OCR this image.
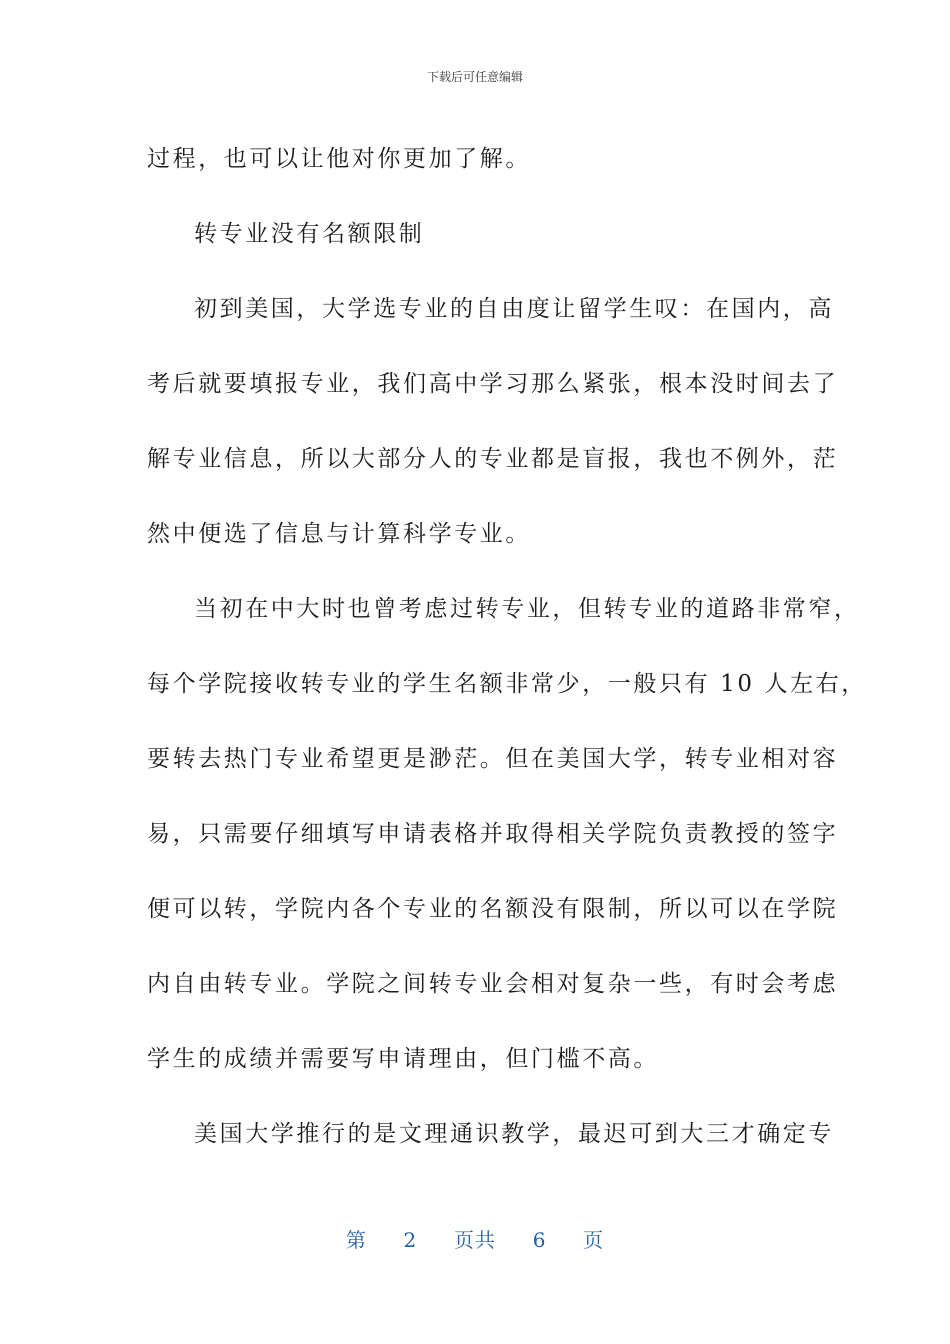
下载后可任意编辑
过程，也可以让他对你更加了解。
转专业没有名额限制
初到美国，大学选专业的自由度让留学生叹：在国内，高
考后就要填报专业，我们高中学习那么紧张，根本没时间去了
解专业信息，所以大部分人的专业都是盲报，我也不例外，茫
然中便选了信息与计算科学专业。
当初在中大时也曾考虑过转专业，但转专业的道路非常窄，
每个学院接收转专业的学生名额非常少，一般只有 10 人左右，
要转去热门专业希望更是渺茫。但在美国大学，转专业相对容
易，只需要仔细填写申请表格并取得相关学院负责教授的签字
便可以转，学院内各个专业的名额没有限制，所以可以在学院
内自由转专业。学院之间转专业会相对复杂一些，有时会考虑
学生的成绩并需要写申请理由，但门槛不高。
美国大学推行的是文理通识教学，最迟可到大三才确定专
第 2 页共 6 页
